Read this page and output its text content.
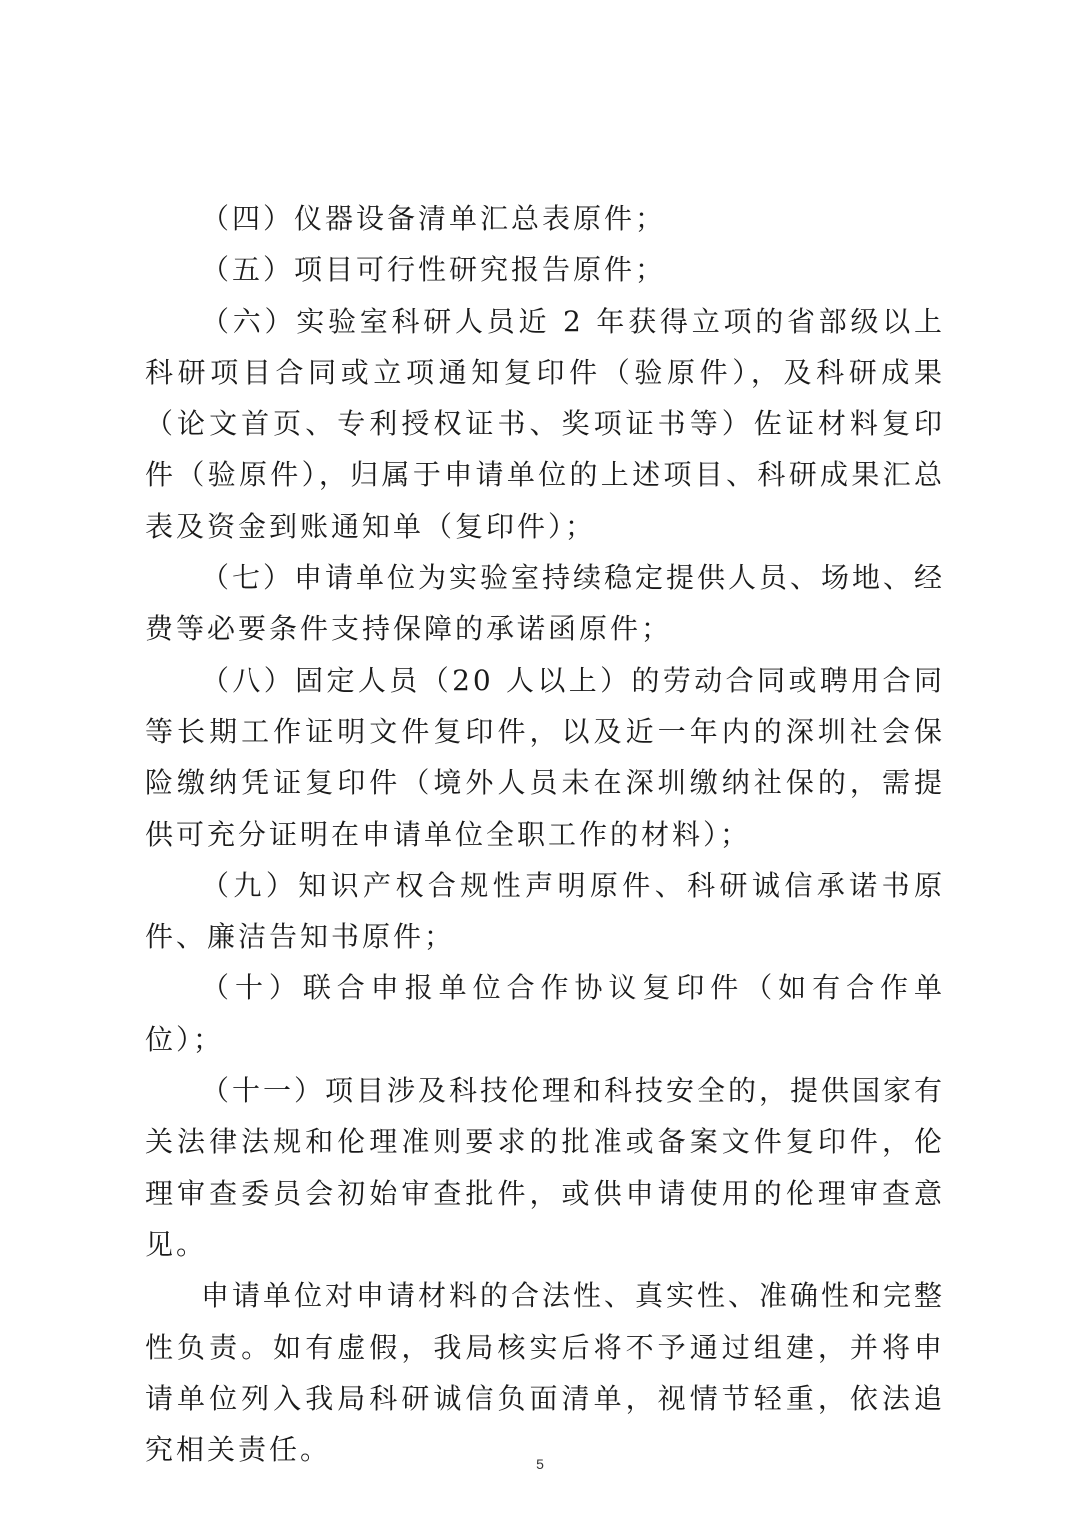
（四）仪器设备清单汇总表原件；

（五）项目可行性研究报告原件；

（六）实验室科研人员近 2 年获得立项的省部级以上科研项目合同或立项通知复印件（验原件），及科研成果（论文首页、专利授权证书、奖项证书等）佐证材料复印件（验原件），归属于申请单位的上述项目、科研成果汇总表及资金到账通知单（复印件）；

（七）申请单位为实验室持续稳定提供人员、场地、经费等必要条件支持保障的承诺函原件；

（八）固定人员（20 人以上）的劳动合同或聘用合同等长期工作证明文件复印件，以及近一年内的深圳社会保险缴纳凭证复印件（境外人员未在深圳缴纳社保的，需提供可充分证明在申请单位全职工作的材料）；

（九）知识产权合规性声明原件、科研诚信承诺书原件、廉洁告知书原件；

（十）联合申报单位合作协议复印件（如有合作单位）；

（十一）项目涉及科技伦理和科技安全的，提供国家有关法律法规和伦理准则要求的批准或备案文件复印件，伦理审查委员会初始审查批件，或供申请使用的伦理审查意见。

申请单位对申请材料的合法性、真实性、准确性和完整性负责。如有虚假，我局核实后将不予通过组建，并将申请单位列入我局科研诚信负面清单，视情节轻重，依法追究相关责任。	5
